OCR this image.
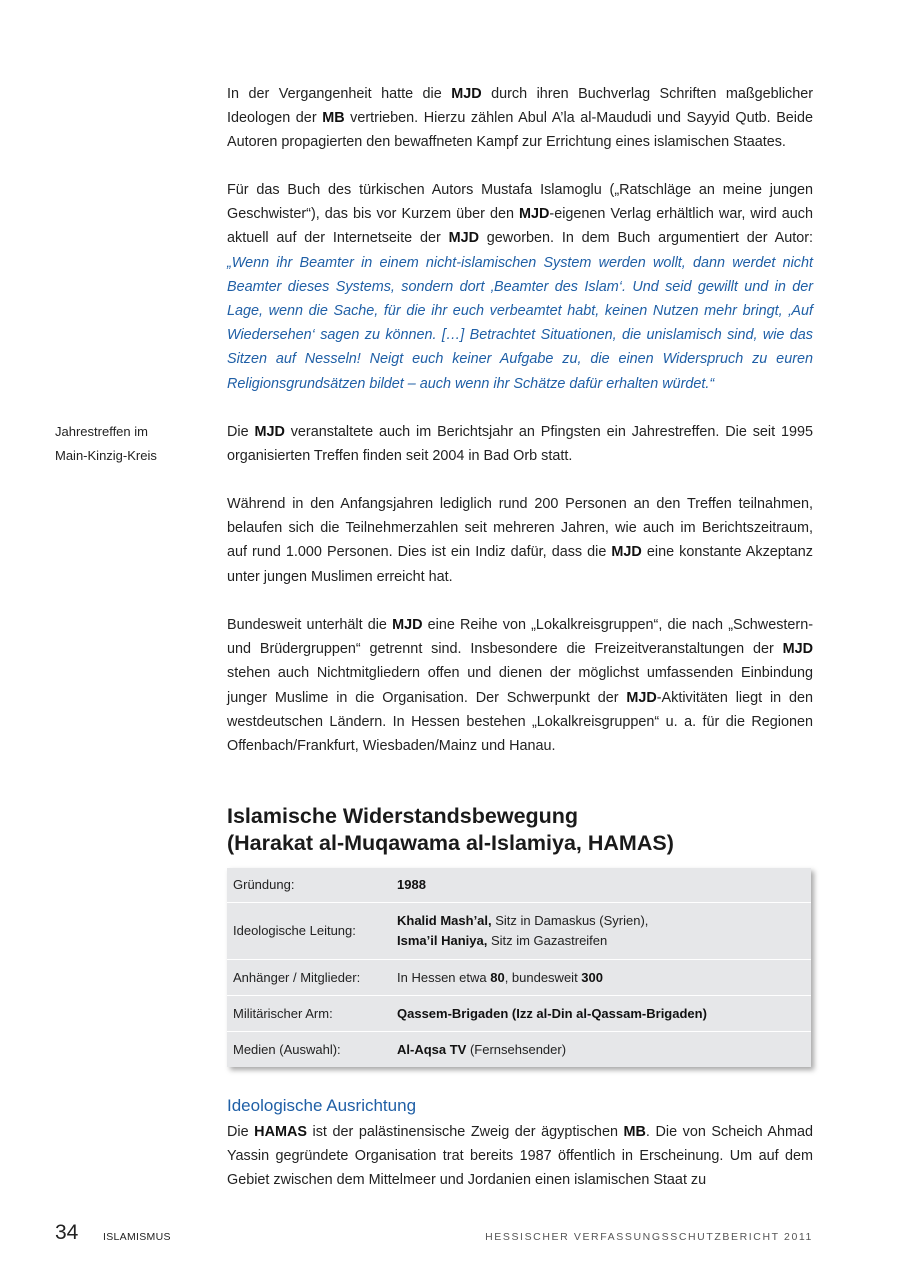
In der Vergangenheit hatte die MJD durch ihren Buchverlag Schriften maßgeblicher Ideologen der MB vertrieben. Hierzu zählen Abul A’la al-Maududi und Sayyid Qutb. Beide Autoren propagierten den bewaffneten Kampf zur Errichtung eines islamischen Staates.

Für das Buch des türkischen Autors Mustafa Islamoglu („Ratschläge an meine jungen Geschwister“), das bis vor Kurzem über den MJD-eigenen Verlag erhältlich war, wird auch aktuell auf der Internetseite der MJD geworben. In dem Buch argumentiert der Autor: „Wenn ihr Beamter in einem nicht-islamischen System werden wollt, dann werdet nicht Beamter dieses Systems, sondern dort ‚Beamter des Islam‘. Und seid gewillt und in der Lage, wenn die Sache, für die ihr euch verbeamtet habt, keinen Nutzen mehr bringt, ‚Auf Wiedersehen‘ sagen zu können. […] Betrachtet Situationen, die unislamisch sind, wie das Sitzen auf Nesseln! Neigt euch keiner Aufgabe zu, die einen Widerspruch zu euren Religionsgrundsätzen bildet – auch wenn ihr Schätze dafür erhalten würdet.“

Jahrestreffen im
Main-Kinzig-Kreis

Die MJD veranstaltete auch im Berichtsjahr an Pfingsten ein Jahrestreffen. Die seit 1995 organisierten Treffen finden seit 2004 in Bad Orb statt.

Während in den Anfangsjahren lediglich rund 200 Personen an den Treffen teilnahmen, belaufen sich die Teilnehmerzahlen seit mehreren Jahren, wie auch im Berichtszeitraum, auf rund 1.000 Personen. Dies ist ein Indiz dafür, dass die MJD eine konstante Akzeptanz unter jungen Muslimen erreicht hat.

Bundesweit unterhält die MJD eine Reihe von „Lokalkreisgruppen“, die nach „Schwestern- und Brüdergruppen“ getrennt sind. Insbesondere die Freizeitveranstaltungen der MJD stehen auch Nichtmitgliedern offen und dienen der möglichst umfassenden Einbindung junger Muslime in die Organisation. Der Schwerpunkt der MJD-Aktivitäten liegt in den westdeutschen Ländern. In Hessen bestehen „Lokalkreisgruppen“ u. a. für die Regionen Offenbach/Frankfurt, Wiesbaden/Mainz und Hanau.

Islamische Widerstandsbewegung
(Harakat al-Muqawama al-Islamiya, HAMAS)
Gründung:	1988
Ideologische Leitung:
Khalid Mash’al, Sitz in Damaskus (Syrien),
Isma’il Haniya, Sitz im Gazastreifen
Anhänger / Mitglieder:	In Hessen etwa 80, bundesweit 300
Militärischer Arm:	Qassem-Brigaden (Izz al-Din al-Qassam-Brigaden)
Medien (Auswahl):	Al-Aqsa TV (Fernsehsender)
Ideologische Ausrichtung

Die HAMAS ist der palästinensische Zweig der ägyptischen MB. Die von Scheich Ahmad Yassin gegründete Organisation trat bereits 1987 öffentlich in Erscheinung. Um auf dem Gebiet zwischen dem Mittelmeer und Jordanien einen islamischen Staat zu

34 ISLAMISMUS	HESSISCHER VERFASSUNGSSCHUTZBERICHT 2011
